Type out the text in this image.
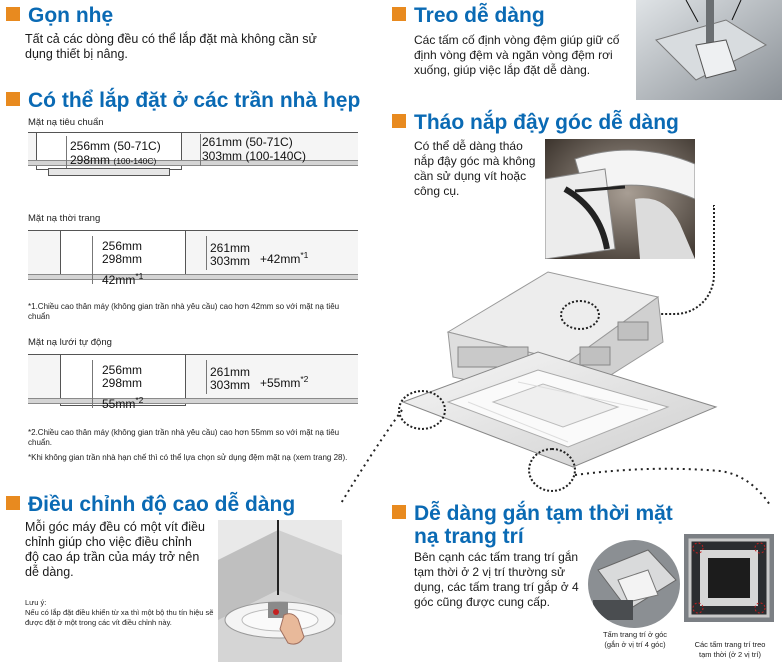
Gọn nhẹ
Tất cả các dòng đều có thể lắp đặt mà không cần sử dụng thiết bị nâng.
Có thể lắp đặt ở các trần nhà hẹp
Mặt nạ tiêu chuẩn
256mm (50-71C)
298mm (100-140C)
261mm (50-71C)
303mm (100-140C)
Mặt nạ thời trang
256mm
298mm
$42mm^{*1}$
261mm
$303mm +42mm^{*1}$
*1.Chiều cao thân máy (không gian trần nhà yêu cầu) cao hơn 42mm so với mặt nạ tiêu chuẩn
Mặt nạ lưới tự động
256mm
298mm
$55mm^{*2}$
261mm
$303mm +55mm^{*2}$
*2.Chiều cao thân máy (không gian trần nhà yêu cầu) cao hơn 55mm so với mặt nạ tiêu chuẩn.
*Khi không gian trần nhà hạn chế thì có thể lựa chọn sử dụng đệm mặt nạ (xem trang 28).
Điều chỉnh độ cao dễ dàng
Mỗi góc máy đều có một vít điều chỉnh giúp cho việc điều chỉnh độ cao áp trần của máy trở nên dễ dàng.
Lưu ý:
Nếu có lắp đặt điều khiển từ xa thì một bộ thu tín hiệu sẽ được đặt ở một trong các vít điều chỉnh này.
Treo dễ dàng
Các tấm cố định vòng đệm giúp giữ cố định vòng đệm và ngăn vòng đệm rơi xuống, giúp việc lắp đặt dễ dàng.
Tháo nắp đậy góc dễ dàng
Có thể dễ dàng tháo nắp đậy góc mà không cần sử dụng vít hoặc công cụ.
Dễ dàng gắn tạm thời mặt
nạ trang trí
Bên cạnh các tấm trang trí gắn tạm thời ở 2 vị trí thường sử dụng, các tấm trang trí gắp ở 4 góc cũng được cung cấp.
Tấm trang trí ở góc
(gắn ở vị trí 4 góc)	Các tấm trang trí treo
tạm thời (ở 2 vị trí)
